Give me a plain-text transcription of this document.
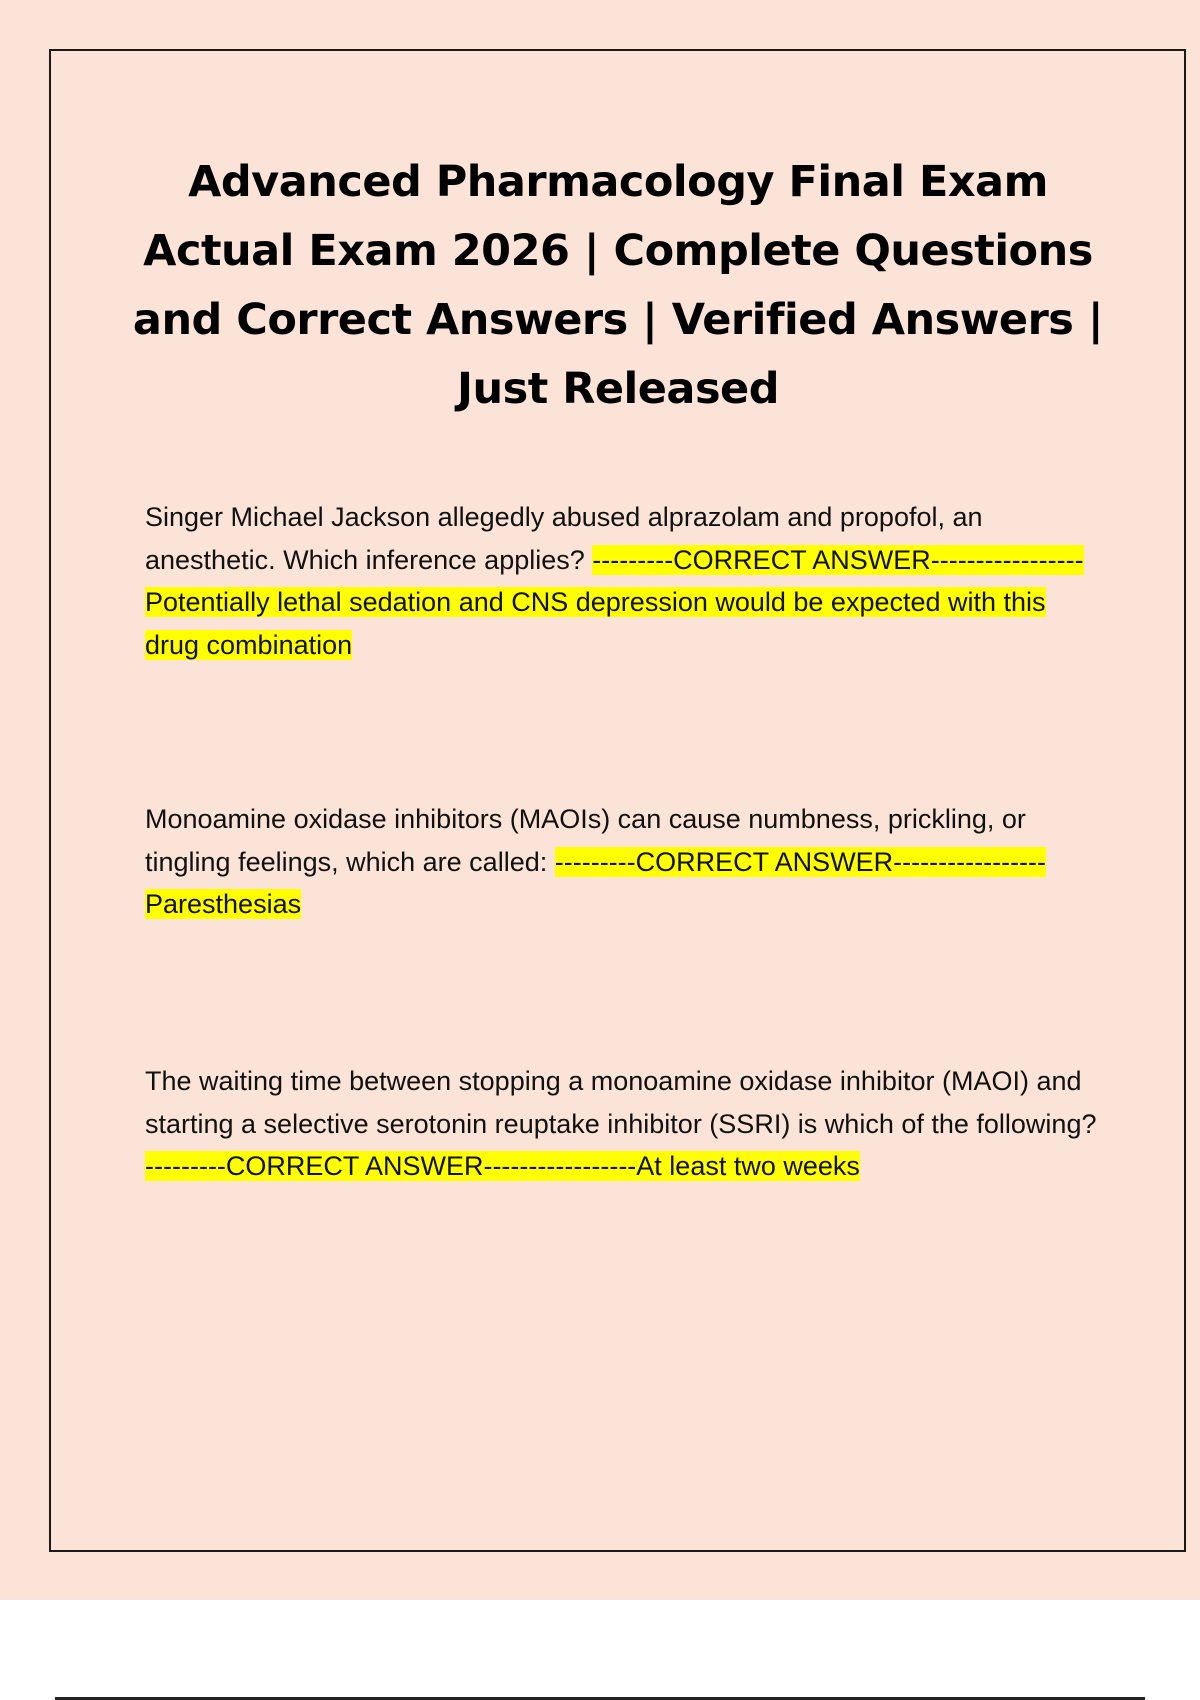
Advanced Pharmacology Final Exam Actual Exam 2026 | Complete Questions and Correct Answers | Verified Answers | Just Released

Singer Michael Jackson allegedly abused alprazolam and propofol, an anesthetic. Which inference applies? ---------CORRECT ANSWER-----------------Potentially lethal sedation and CNS depression would be expected with this drug combination

Monoamine oxidase inhibitors (MAOIs) can cause numbness, prickling, or tingling feelings, which are called: ---------CORRECT ANSWER-----------------Paresthesias

The waiting time between stopping a monoamine oxidase inhibitor (MAOI) and starting a selective serotonin reuptake inhibitor (SSRI) is which of the following? ---------CORRECT ANSWER-----------------At least two weeks
